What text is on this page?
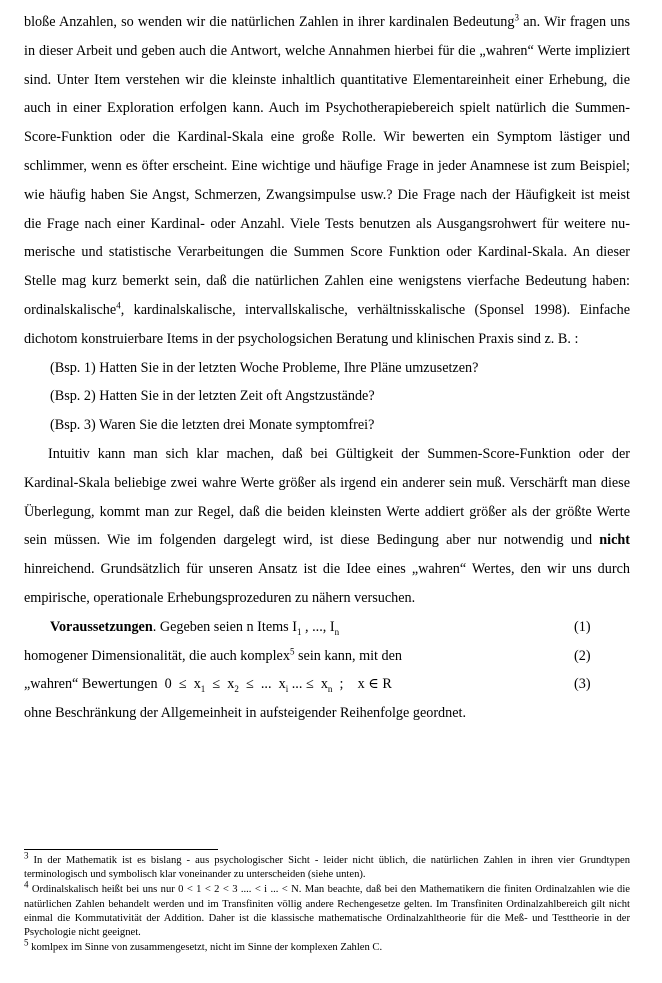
bloße Anzahlen, so wenden wir die natürlichen Zahlen in ihrer kardinalen Bedeutung$^3$ an. Wir fragen uns in dieser Arbeit und geben auch die Antwort, welche Annahmen hierbei für die „wahren“ Werte impliziert sind. Unter Item verstehen wir die kleinste inhaltlich quantitative Elementareinheit einer Erhebung, die auch in einer Exploration erfolgen kann. Auch im Psychotherapiebereich spielt natürlich die Summen-Score-Funktion oder die Kardinal-Skala eine große Rolle. Wir bewerten ein Symptom lästiger und schlimmer, wenn es öfter erscheint. Eine wichtige und häufige Frage in jeder Anamnese ist zum Beispiel; wie häufig haben Sie Angst, Schmerzen, Zwangsimpulse usw.? Die Frage nach der Häufigkeit ist meist die Frage nach einer Kardinal- oder Anzahl. Viele Tests benutzen als Ausgangsrohwert für weitere numerische und statistische Verarbeitungen die Summen Score Funktion oder Kardinal-Skala. An dieser Stelle mag kurz bemerkt sein, daß die natürlichen Zahlen eine wenigstens vierfache Bedeutung haben: ordinalskalische$^4$, kardinalskalische, intervallskalische, verhältnisskalische (Sponsel 1998). Einfache dichotom konstruierbare Items in der psychologsichen Beratung und klinischen Praxis sind z. B. :

(Bsp. 1) Hatten Sie in der letzten Woche Probleme, Ihre Pläne umzusetzen?

(Bsp. 2) Hatten Sie in der letzten Zeit oft Angstzustände?

(Bsp. 3) Waren Sie die letzten drei Monate symptomfrei?

Intuitiv kann man sich klar machen, daß bei Gültigkeit der Summen-Score-Funktion oder der Kardinal-Skala beliebige zwei wahre Werte größer als irgend ein anderer sein muß. Verschärft man diese Überlegung, kommt man zur Regel, daß die beiden kleinsten Werte addiert größer als der größte Werte sein müssen. Wie im folgenden dargelegt wird, ist diese Bedingung aber nur notwendig und nicht hinreichend. Grundsätzlich für unseren Ansatz ist die Idee eines „wahren“ Wertes, den wir uns durch empirische, operationale Erhebungsprozeduren zu nähern versuchen.

Voraussetzungen. Gegeben seien n Items $I_1$ , ..., $I_n$	(1)
homogener Dimensionalität, die auch komplex$^5$ sein kann, mit den	(2)
„wahren“ Bewertungen  $0 \le x_1 \le x_2$  ≤  ...  $x_i$ ... ≤  $x_n$  ;    x ∈ R	(3)

ohne Beschränkung der Allgemeinheit in aufsteigender Reihenfolge geordnet.

$^3$ In der Mathematik ist es bislang - aus psychologischer Sicht - leider nicht üblich, die natürlichen Zahlen in ihren vier Grundtypen terminologisch und symbolisch klar voneinander zu unterscheiden (siehe unten).

$^4$ Ordinalskalisch heißt bei uns nur 0 < 1 < 2 < 3 .... < i ... < N. Man beachte, daß bei den Mathematikern die finiten Ordinalzahlen wie die natürlichen Zahlen behandelt werden und im Transfiniten völlig andere Rechengesetze gelten. Im Transfiniten Ordinalzahlbereich gilt nicht einmal die Kommutativität der Addition. Daher ist die klassische mathematische Ordinalzahltheorie für die Meß- und Testtheorie in der Psychologie nicht geeignet.

$^5$ komlpex im Sinne von zusammengesetzt, nicht im Sinne der komplexen Zahlen C.
